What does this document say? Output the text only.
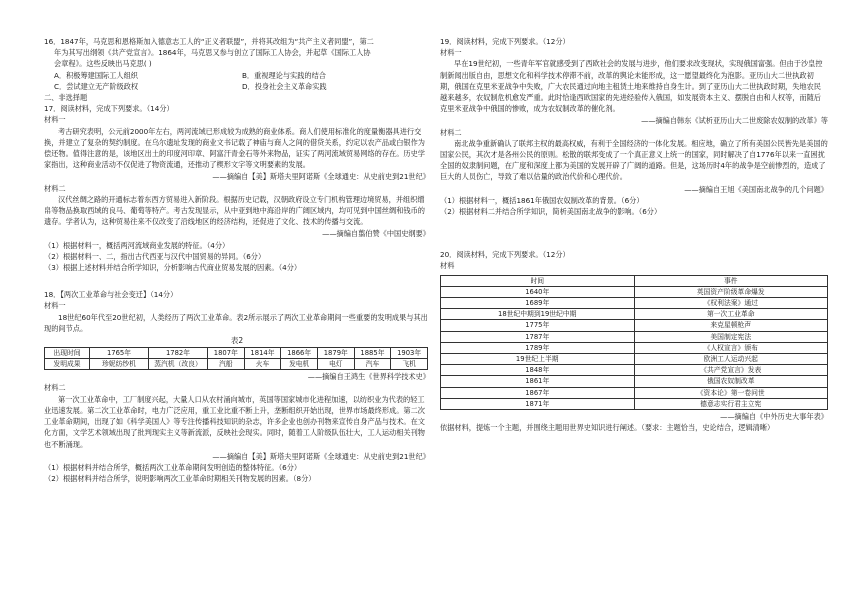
16．1847年，马克思和恩格斯加入德意志工人的“正义者联盟”，并将其改组为“共产主义者同盟”，第二

年为其写出纲领《共产党宣言》。1864年，马克思又参与创立了国际工人协会，并起草《国际工人协

会章程》。这些反映出马克思( )

A．积极筹建国际工人组织	B．重视理论与实践的结合
C．尝试建立无产阶级政权	D．投身社会主义革命实践

二、非选择题

17．阅读材料，完成下列要求。（14分）

材料一

考古研究表明，公元前2000年左右，两河流域已形成较为成熟的商业体系。商人们使用标准化的度量衡器具进行交换，并建立了复杂的契约制度。在乌尔遗址发现的商业文书记载了神庙与商人之间的借贷关系，约定以农产品或白银作为偿还物。值得注意的是，该地区出土的印度河印章、阿富汗青金石等外来物品，证实了两河流域贸易网络的存在。历史学家指出，这种商业活动不仅促进了物资流通，还推动了楔形文字等文明要素的发展。

——摘编自【美】斯塔夫里阿诺斯《全球通史：从史前史到21世纪》

材料二

汉代丝绸之路的开通标志着东西方贸易进入新阶段。根据历史记载，汉朝政府设立专门机构管理边境贸易，并组织缯帛等物品换取西域的良马、葡萄等特产。考古发现显示，从中亚到地中海沿岸的广阔区域内，均可见到中国丝绸和钱币的遗存。学者认为，这种贸易往来不仅改变了沿线地区的经济结构，还促进了文化、技术的传播与交流。

——摘编自翦伯赞《中国史纲要》

（1）根据材料一，概括两河流域商业发展的特征。（4分）

（2）根据材料一、二，指出古代西亚与汉代中国贸易的异同。（6分）

（3）根据上述材料并结合所学知识，分析影响古代商业贸易发展的因素。（4分）

18．【两次工业革命与社会变迁】（14分）

材料一

18世纪60年代至20世纪初，人类经历了两次工业革命。表2所示展示了两次工业革命期间一些重要的发明成果与其出现的间节点。

表2

出现时间	1765年	1782年	1807年	1814年	1866年	1879年	1885年	1903年
发明成果	珍妮纺纱机	蒸汽机（改良）	汽船	火车	发电机	电灯	汽车	飞机

——摘编自王鸿生《世界科学技术史》

材料二

第一次工业革命中，工厂制度兴起，大量人口从农村涌向城市，英国等国家城市化进程加速，以纺织业为代表的轻工业迅速发展。第二次工业革命时，电力广泛应用，重工业比重不断上升，垄断组织开始出现，世界市场最终形成。第二次工业革命期间，出现了如《科学美国人》等专注传播科技知识的杂志，许多企业也创办刊物来宣传自身产品与技术。在文化方面，文学艺术领域出现了批判现实主义等新流派，反映社会现实。同时，随着工人阶级队伍壮大，工人运动相关刊物也不断涌现。

——摘编自【美】斯塔夫里阿诺斯《全球通史：从史前史到21世纪》

（1）根据材料并结合所学，概括两次工业革命期间发明创造的整体特征。（6分）

（2）根据材料并结合所学，说明影响两次工业革命时期相关刊物发展的因素。（8分）

19．阅读材料，完成下列要求。（12分）

材料一

早在19世纪初，一些青年军官就感受到了西欧社会的发展与进步，他们要求改变现状，实现俄国富强。但由于沙皇控制新闻出版自由，思想文化和科学技术停滞不前，改革的舆论未能形成，这一愿望最终化为泡影。亚历山大二世执政初期，俄国在克里米亚战争中失败，广大农民通过向地主租赁土地来维持自身生计。到了亚历山大二世执政时期，失地农民越来越多，农奴制危机愈发严重。此时恰逢西欧国家的先进经验传入俄国，如发展资本主义、摆脱自由和人权等，而随后克里米亚战争中俄国的惨败，成为农奴制改革的催化剂。

——摘编自韩东《试析亚历山大二世废除农奴制的改革》等

材料二

南北战争重新确认了联邦主权的最高权威，有利于全国经济的一体化发展。相应地，确立了所有美国公民皆先是美国的国家公民，其次才是各州公民的原则。松散的联邦变成了一个真正意义上统一的国家，同时解决了自1776年以来一直困扰全国的奴隶制问题，在广度和深度上都为美国的发展开辟了广阔的道路。但是，这场历时4年的战争是空前惨烈的，造成了巨大的人员伤亡，导致了难以估量的政治代价和心理代价。

——摘编自王旭《美国南北战争的几个问题》

（1）根据材料一，概括1861年俄国农奴制改革的背景。（6分）

（2）根据材料二并结合所学知识，简析美国南北战争的影响。（6分）

20．阅读材料，完成下列要求。（12分）

材料

时间	事件
1640年	英国资产阶级革命爆发
1689年	《权利法案》通过
18世纪中期到19世纪中期	第一次工业革命
1775年	来克星顿枪声
1787年	美国制定宪法
1789年	《人权宣言》颁布
19世纪上半期	欧洲工人运动兴起
1848年	《共产党宣言》发表
1861年	俄国农奴制改革
1867年	《资本论》第一卷问世
1871年	德意志实行君主立宪

——摘编自《中外历史大事年表》

依据材料，提炼一个主题，并围绕主题用世界史知识进行阐述。（要求：主题恰当，史论结合，逻辑清晰）
